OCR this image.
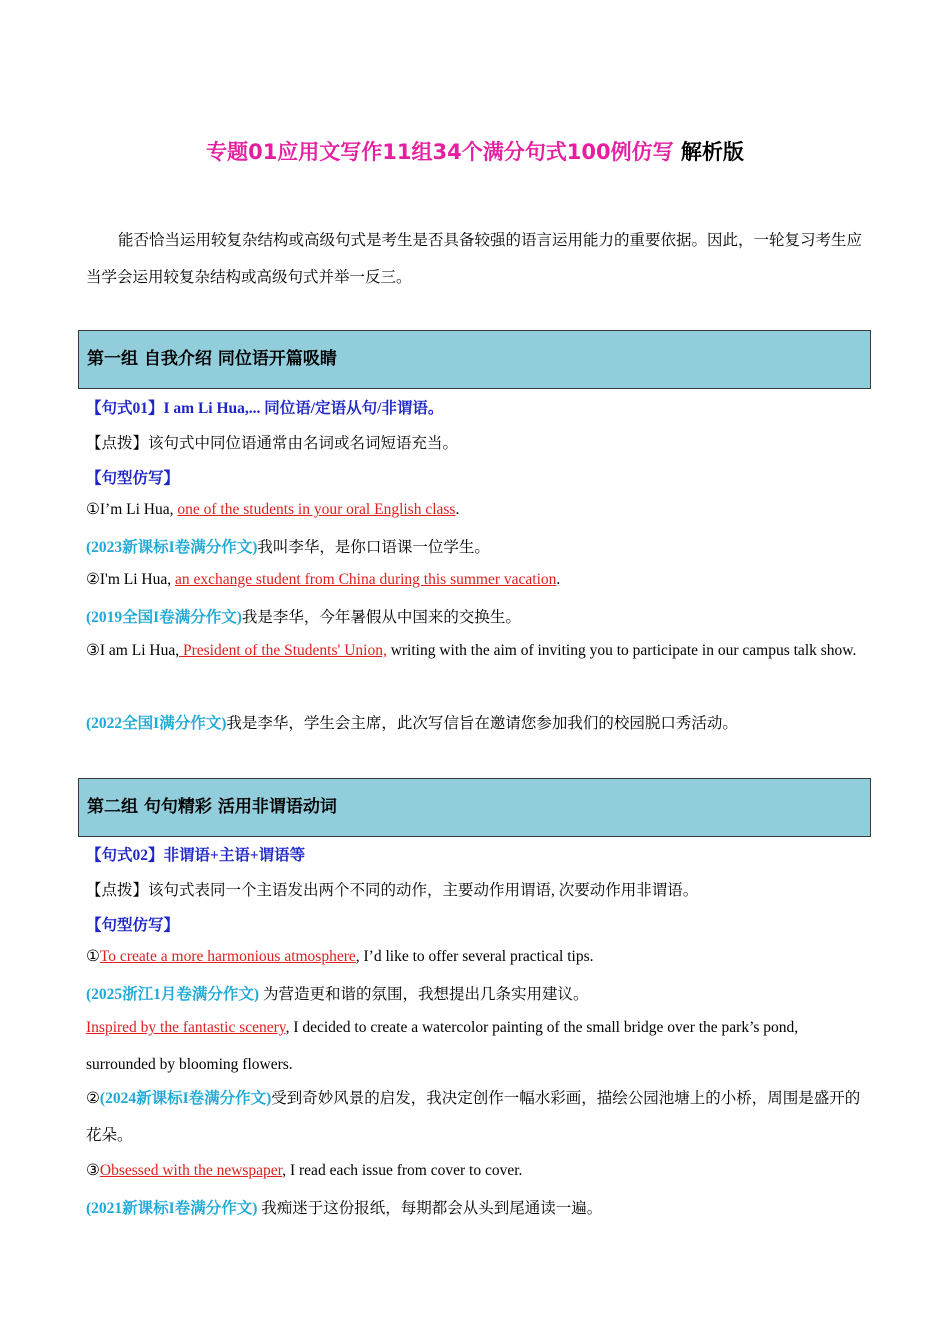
专题01应用文写作11组34个满分句式100例仿写 解析版
能否恰当运用较复杂结构或高级句式是考生是否具备较强的语言运用能力的重要依据。因此，一轮复习考生应当学会运用较复杂结构或高级句式并举一反三。
第一组 自我介绍 同位语开篇吸睛
【句式01】I am Li Hua,... 同位语/定语从句/非谓语。
【点拨】该句式中同位语通常由名词或名词短语充当。
【句型仿写】
①I’m Li Hua, one of the students in your oral English class.
(2023新课标I卷满分作文)我叫李华，是你口语课一位学生。
②I'm Li Hua, an exchange student from China during this summer vacation.
(2019全国I卷满分作文)我是李华，今年暑假从中国来的交换生。
③I am Li Hua, President of the Students' Union, writing with the aim of inviting you to participate in our campus talk show.
(2022全国I满分作文)我是李华，学生会主席，此次写信旨在邀请您参加我们的校园脱口秀活动。
第二组 句句精彩 活用非谓语动词
【句式02】非谓语+主语+谓语等
【点拨】该句式表同一个主语发出两个不同的动作，主要动作用谓语, 次要动作用非谓语。
【句型仿写】
①To create a more harmonious atmosphere, I’d like to offer several practical tips.
(2025浙江1月卷满分作文) 为营造更和谐的氛围，我想提出几条实用建议。
Inspired by the fantastic scenery, I decided to create a watercolor painting of the small bridge over the park’s pond, surrounded by blooming flowers.
②(2024新课标I卷满分作文)受到奇妙风景的启发，我决定创作一幅水彩画，描绘公园池塘上的小桥，周围是盛开的花朵。
③Obsessed with the newspaper, I read each issue from cover to cover.
(2021新课标I卷满分作文) 我痴迷于这份报纸，每期都会从头到尾通读一遍。
